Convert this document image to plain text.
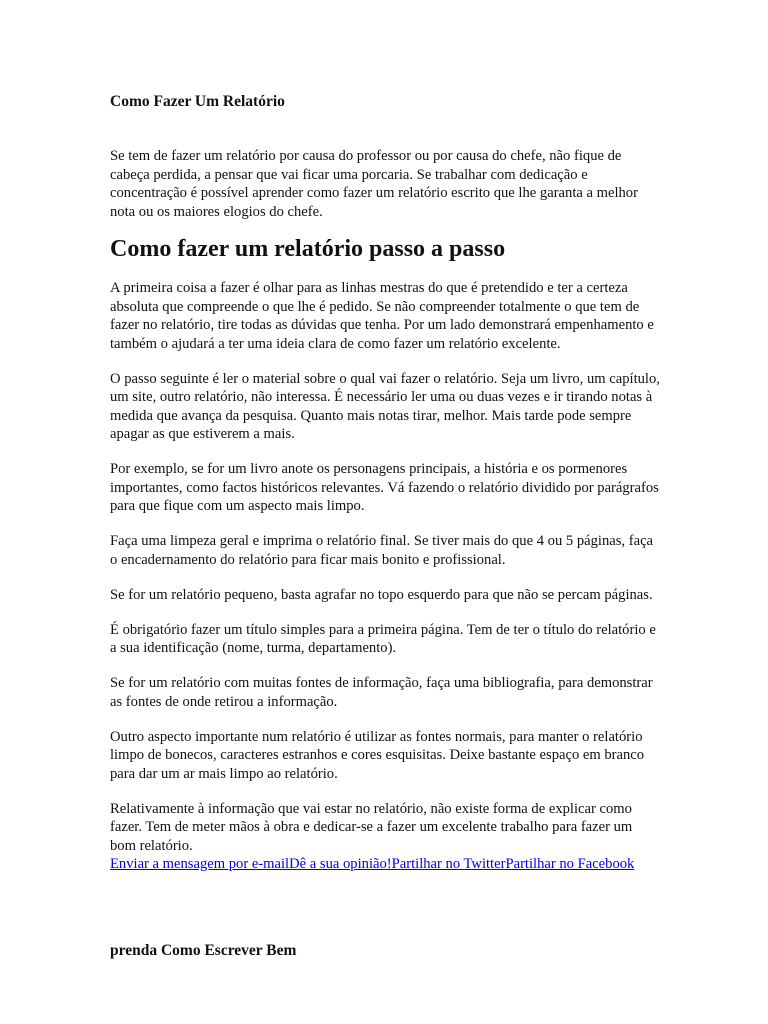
Como Fazer Um Relatório

Se tem de fazer um relatório por causa do professor ou por causa do chefe, não fique de cabeça perdida, a pensar que vai ficar uma porcaria. Se trabalhar com dedicação e concentração é possível aprender como fazer um relatório escrito que lhe garanta a melhor nota ou os maiores elogios do chefe.

Como fazer um relatório passo a passo

A primeira coisa a fazer é olhar para as linhas mestras do que é pretendido e ter a certeza absoluta que compreende o que lhe é pedido. Se não compreender totalmente o que tem de fazer no relatório, tire todas as dúvidas que tenha. Por um lado demonstrará empenhamento e também o ajudará a ter uma ideia clara de como fazer um relatório excelente.

O passo seguinte é ler o material sobre o qual vai fazer o relatório. Seja um livro, um capítulo, um site, outro relatório, não interessa. É necessário ler uma ou duas vezes e ir tirando notas à medida que avança da pesquisa. Quanto mais notas tirar, melhor. Mais tarde pode sempre apagar as que estiverem a mais.

Por exemplo, se for um livro anote os personagens principais, a história e os pormenores importantes, como factos históricos relevantes. Vá fazendo o relatório dividido por parágrafos para que fique com um aspecto mais limpo.

Faça uma limpeza geral e imprima o relatório final. Se tiver mais do que 4 ou 5 páginas, faça o encadernamento do relatório para ficar mais bonito e profissional.

Se for um relatório pequeno, basta agrafar no topo esquerdo para que não se percam páginas.

É obrigatório fazer um título simples para a primeira página. Tem de ter o título do relatório e a sua identificação (nome, turma, departamento).

Se for um relatório com muitas fontes de informação, faça uma bibliografia, para demonstrar as fontes de onde retirou a informação.

Outro aspecto importante num relatório é utilizar as fontes normais, para manter o relatório limpo de bonecos, caracteres estranhos e cores esquisitas. Deixe bastante espaço em branco para dar um ar mais limpo ao relatório.

Relativamente à informação que vai estar no relatório, não existe forma de explicar como fazer. Tem de meter mãos à obra e dedicar-se a fazer um excelente trabalho para fazer um bom relatório.

Enviar a mensagem por e-mailDê a sua opinião!Partilhar no TwitterPartilhar no Facebook
prenda Como Escrever Bem
